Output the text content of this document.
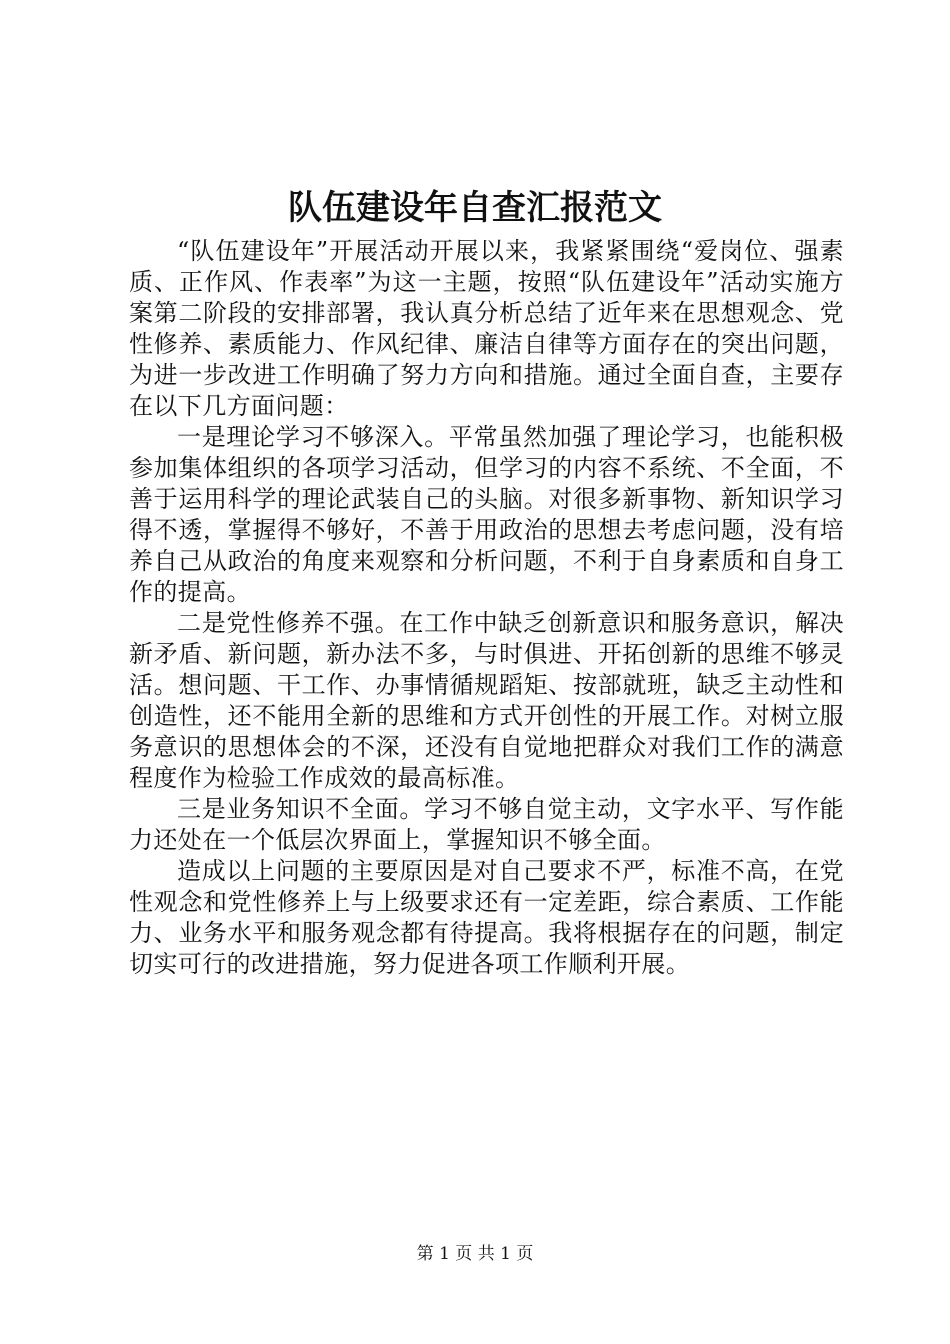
队伍建设年自查汇报范文

“队伍建设年”开展活动开展以来，我紧紧围绕“爱岗位、强素质、正作风、作表率”为这一主题，按照“队伍建设年”活动实施方案第二阶段的安排部署，我认真分析总结了近年来在思想观念、党性修养、素质能力、作风纪律、廉洁自律等方面存在的突出问题，为进一步改进工作明确了努力方向和措施。通过全面自查，主要存在以下几方面问题：

一是理论学习不够深入。平常虽然加强了理论学习，也能积极参加集体组织的各项学习活动，但学习的内容不系统、不全面，不善于运用科学的理论武装自己的头脑。对很多新事物、新知识学习得不透，掌握得不够好，不善于用政治的思想去考虑问题，没有培养自己从政治的角度来观察和分析问题，不利于自身素质和自身工作的提高。

二是党性修养不强。在工作中缺乏创新意识和服务意识，解决新矛盾、新问题，新办法不多，与时俱进、开拓创新的思维不够灵活。想问题、干工作、办事情循规蹈矩、按部就班，缺乏主动性和创造性，还不能用全新的思维和方式开创性的开展工作。对树立服务意识的思想体会的不深，还没有自觉地把群众对我们工作的满意程度作为检验工作成效的最高标准。

三是业务知识不全面。学习不够自觉主动，文字水平、写作能力还处在一个低层次界面上，掌握知识不够全面。

造成以上问题的主要原因是对自己要求不严，标准不高，在党性观念和党性修养上与上级要求还有一定差距，综合素质、工作能力、业务水平和服务观念都有待提高。我将根据存在的问题，制定切实可行的改进措施，努力促进各项工作顺利开展。

第 1 页 共 1 页
